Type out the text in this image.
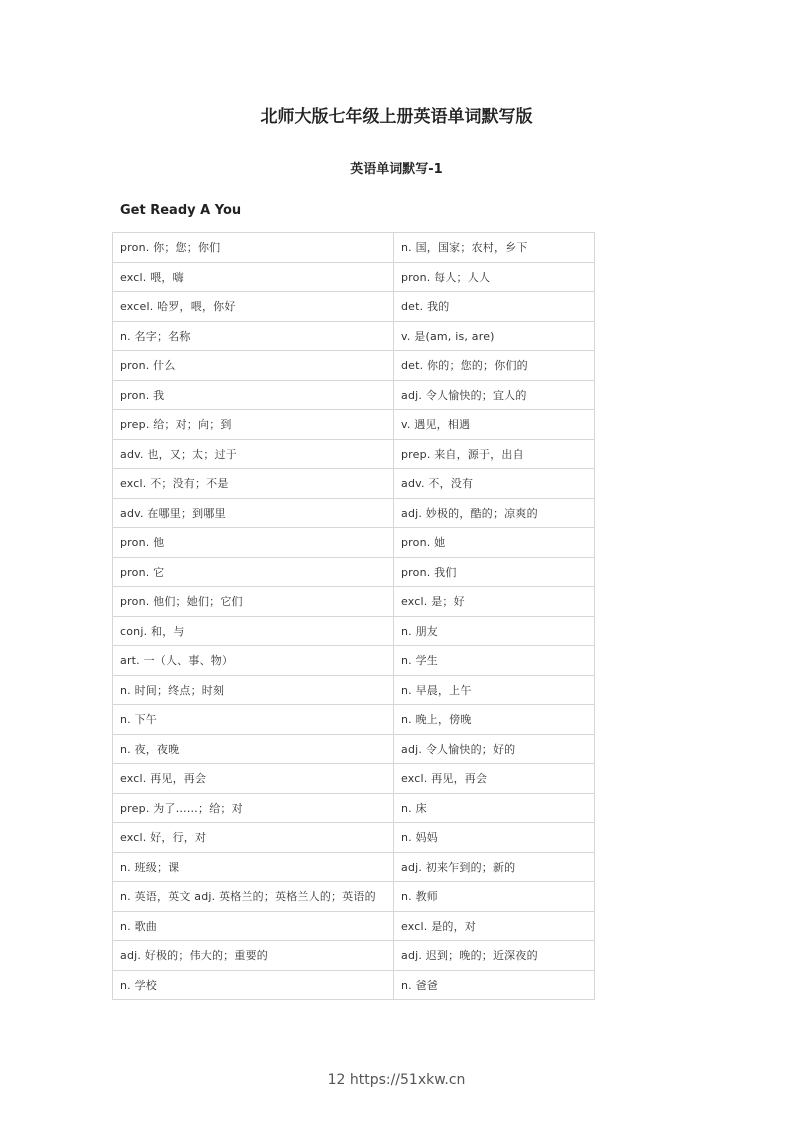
北师大版七年级上册英语单词默写版
英语单词默写-1
Get Ready A You
pron. 你；您；你们	n. 国，国家；农村，乡下
excl. 喂，嗨	pron. 每人；人人
excel. 哈罗，喂，你好	det. 我的
n. 名字；名称	v. 是(am, is, are)
pron. 什么	det. 你的；您的；你们的
pron. 我	adj. 令人愉快的；宜人的
prep. 给；对；向；到	v. 遇见，相遇
adv. 也，又；太；过于	prep. 来自，源于，出自
excl. 不；没有；不是	adv. 不，没有
adv. 在哪里；到哪里	adj. 妙极的，酷的；凉爽的
pron. 他	pron. 她
pron. 它	pron. 我们
pron. 他们；她们；它们	excl. 是；好
conj. 和，与	n. 朋友
art. 一（人、事、物）	n. 学生
n. 时间；终点；时刻	n. 早晨，上午
n. 下午	n. 晚上，傍晚
n. 夜，夜晚	adj. 令人愉快的；好的
excl. 再见，再会	excl. 再见，再会
prep. 为了……；给；对	n. 床
excl. 好，行，对	n. 妈妈
n. 班级；课	adj. 初来乍到的；新的
n. 英语，英文 adj. 英格兰的；英格兰人的；英语的	n. 教师
n. 歌曲	excl. 是的，对
adj. 好极的；伟大的；重要的	adj. 迟到；晚的；近深夜的
n. 学校	n. 爸爸
12 https://51xkw.cn
